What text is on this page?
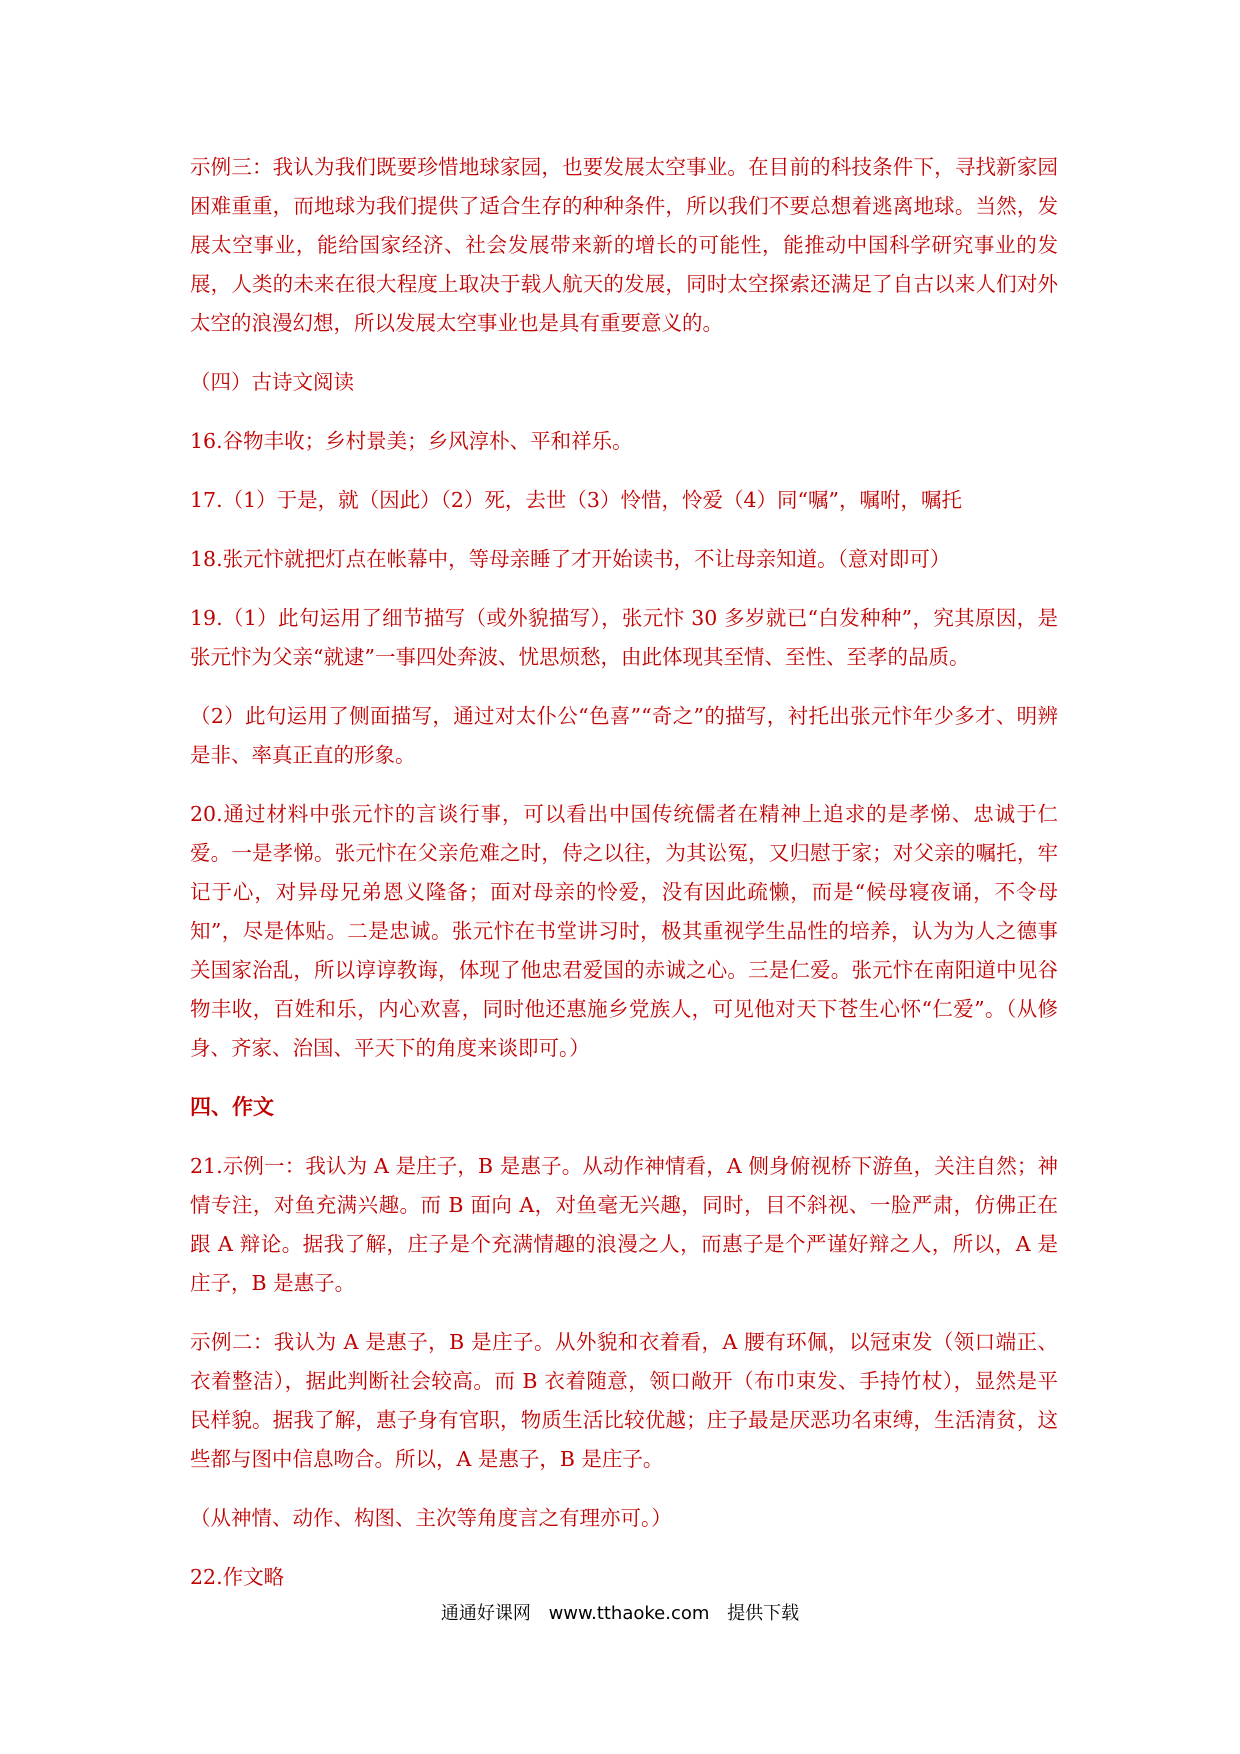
示例三：我认为我们既要珍惜地球家园，也要发展太空事业。在目前的科技条件下，寻找新家园困难重重，而地球为我们提供了适合生存的种种条件，所以我们不要总想着逃离地球。当然，发展太空事业，能给国家经济、社会发展带来新的增长的可能性，能推动中国科学研究事业的发展，人类的未来在很大程度上取决于载人航天的发展，同时太空探索还满足了自古以来人们对外太空的浪漫幻想，所以发展太空事业也是具有重要意义的。

（四）古诗文阅读

16.谷物丰收；乡村景美；乡风淳朴、平和祥乐。

17.（1）于是，就（因此）（2）死，去世（3）怜惜，怜爱（4）同“嘱”，嘱咐，嘱托

18.张元忭就把灯点在帐幕中，等母亲睡了才开始读书，不让母亲知道。（意对即可）

19.（1）此句运用了细节描写（或外貌描写），张元忭 30 多岁就已“白发种种”，究其原因，是张元忭为父亲“就逮”一事四处奔波、忧思烦愁，由此体现其至情、至性、至孝的品质。

（2）此句运用了侧面描写，通过对太仆公“色喜”“奇之”的描写，衬托出张元忭年少多才、明辨是非、率真正直的形象。

20.通过材料中张元忭的言谈行事，可以看出中国传统儒者在精神上追求的是孝悌、忠诚于仁爱。一是孝悌。张元忭在父亲危难之时，侍之以往，为其讼冤，又归慰于家；对父亲的嘱托，牢记于心，对异母兄弟恩义隆备；面对母亲的怜爱，没有因此疏懒，而是“候母寝夜诵，不令母知”，尽是体贴。二是忠诚。张元忭在书堂讲习时，极其重视学生品性的培养，认为为人之德事关国家治乱，所以谆谆教诲，体现了他忠君爱国的赤诚之心。三是仁爱。张元忭在南阳道中见谷物丰收，百姓和乐，内心欢喜，同时他还惠施乡党族人，可见他对天下苍生心怀“仁爱”。（从修身、齐家、治国、平天下的角度来谈即可。）

四、作文

21.示例一：我认为 A 是庄子，B 是惠子。从动作神情看，A 侧身俯视桥下游鱼，关注自然；神情专注，对鱼充满兴趣。而 B 面向 A，对鱼毫无兴趣，同时，目不斜视、一脸严肃，仿佛正在跟 A 辩论。据我了解，庄子是个充满情趣的浪漫之人，而惠子是个严谨好辩之人，所以，A 是庄子，B 是惠子。

示例二：我认为 A 是惠子，B 是庄子。从外貌和衣着看，A 腰有环佩，以冠束发（领口端正、衣着整洁），据此判断社会较高。而 B 衣着随意，领口敞开（布巾束发、手持竹杖），显然是平民样貌。据我了解，惠子身有官职，物质生活比较优越；庄子最是厌恶功名束缚，生活清贫，这些都与图中信息吻合。所以，A 是惠子，B 是庄子。

（从神情、动作、构图、主次等角度言之有理亦可。）

22.作文略

通通好课网 www.tthaoke.com 提供下载
